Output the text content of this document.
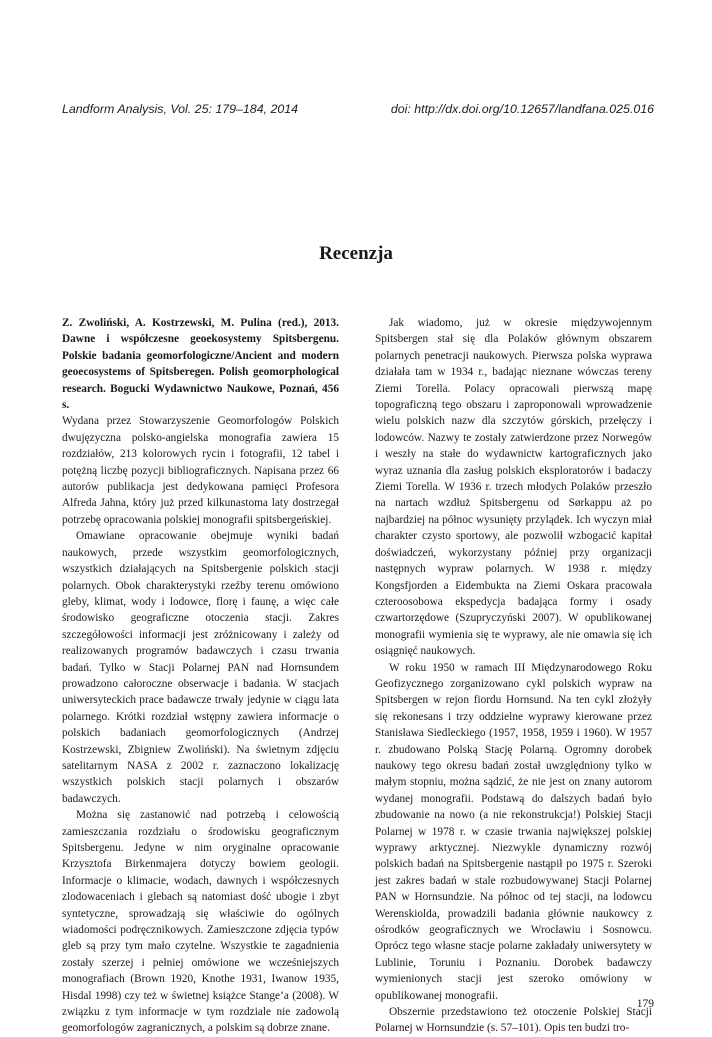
Landform Analysis, Vol. 25: 179–184, 2014	doi: http://dx.doi.org/10.12657/landfana.025.016
Recenzja

Z. Zwoliński, A. Kostrzewski, M. Pulina (red.), 2013. Dawne i współczesne geoekosystemy Spitsbergenu. Polskie badania geomorfologiczne/Ancient and modern geoecosystems of Spitsberegen. Polish geomorphological research. Bogucki Wydawnictwo Naukowe, Poznań, 456 s.

Wydana przez Stowarzyszenie Geomorfologów Polskich dwujęzyczna polsko-angielska monografia zawiera 15 rozdziałów, 213 kolorowych rycin i fotografii, 12 tabel i potężną liczbę pozycji bibliograficznych. Napisana przez 66 autorów publikacja jest dedykowana pamięci Profesora Alfreda Jahna, który już przed kilkunastoma laty dostrzegał potrzebę opracowania polskiej monografii spitsbergeńskiej.

Omawiane opracowanie obejmuje wyniki badań naukowych, przede wszystkim geomorfologicznych, wszystkich działających na Spitsbergenie polskich stacji polarnych. Obok charakterystyki rzeźby terenu omówiono gleby, klimat, wody i lodowce, florę i faunę, a więc całe środowisko geograficzne otoczenia stacji. Zakres szczegółowości informacji jest zróżnicowany i zależy od realizowanych programów badawczych i czasu trwania badań. Tylko w Stacji Polarnej PAN nad Hornsundem prowadzono całoroczne obserwacje i badania. W stacjach uniwersyteckich prace badawcze trwały jedynie w ciągu lata polarnego. Krótki rozdział wstępny zawiera informacje o polskich badaniach geomorfologicznych (Andrzej Kostrzewski, Zbigniew Zwoliński). Na świetnym zdjęciu satelitarnym NASA z 2002 r. zaznaczono lokalizację wszystkich polskich stacji polarnych i obszarów badawczych.

Można się zastanowić nad potrzebą i celowością zamieszczania rozdziału o środowisku geograficznym Spitsbergenu. Jedyne w nim oryginalne opracowanie Krzysztofa Birkenmajera dotyczy bowiem geologii. Informacje o klimacie, wodach, dawnych i współczesnych zlodowaceniach i glebach są natomiast dość ubogie i zbyt syntetyczne, sprowadzają się właściwie do ogólnych wiadomości podręcznikowych. Zamieszczone zdjęcia typów gleb są przy tym mało czytelne. Wszystkie te zagadnienia zostały szerzej i pełniej omówione we wcześniejszych monografiach (Brown 1920, Knothe 1931, Iwanow 1935, Hisdal 1998) czy też w świetnej książce Stange’a (2008). W związku z tym informacje w tym rozdziale nie zadowolą geomorfologów zagranicznych, a polskim są dobrze znane.

Jak wiadomo, już w okresie międzywojennym Spitsbergen stał się dla Polaków głównym obszarem polarnych penetracji naukowych. Pierwsza polska wyprawa działała tam w 1934 r., badając nieznane wówczas tereny Ziemi Torella. Polacy opracowali pierwszą mapę topograficzną tego obszaru i zaproponowali wprowadzenie wielu polskich nazw dla szczytów górskich, przełęczy i lodowców. Nazwy te zostały zatwierdzone przez Norwegów i weszły na stałe do wydawnictw kartograficznych jako wyraz uznania dla zasług polskich eksploratorów i badaczy Ziemi Torella. W 1936 r. trzech młodych Polaków przeszło na nartach wzdłuż Spitsbergenu od Sørkappu aż po najbardziej na północ wysunięty przylądek. Ich wyczyn miał charakter czysto sportowy, ale pozwolił wzbogacić kapitał doświadczeń, wykorzystany później przy organizacji następnych wypraw polarnych. W 1938 r. między Kongsfjorden a Eidembukta na Ziemi Oskara pracowała czteroosobowa ekspedycja badająca formy i osady czwartorzędowe (Szupryczyński 2007). W opublikowanej monografii wymienia się te wyprawy, ale nie omawia się ich osiągnięć naukowych.

W roku 1950 w ramach III Międzynarodowego Roku Geofizycznego zorganizowano cykl polskich wypraw na Spitsbergen w rejon fiordu Hornsund. Na ten cykl złożyły się rekonesans i trzy oddzielne wyprawy kierowane przez Stanisława Siedleckiego (1957, 1958, 1959 i 1960). W 1957 r. zbudowano Polską Stację Polarną. Ogromny dorobek naukowy tego okresu badań został uwzględniony tylko w małym stopniu, można sądzić, że nie jest on znany autorom wydanej monografii. Podstawą do dalszych badań było zbudowanie na nowo (a nie rekonstrukcja!) Polskiej Stacji Polarnej w 1978 r. w czasie trwania największej polskiej wyprawy arktycznej. Niezwykle dynamiczny rozwój polskich badań na Spitsbergenie nastąpił po 1975 r. Szeroki jest zakres badań w stale rozbudowywanej Stacji Polarnej PAN w Hornsundzie. Na północ od tej stacji, na lodowcu Werenskiolda, prowadzili badania głównie naukowcy z ośrodków geograficznych we Wrocławiu i Sosnowcu. Oprócz tego własne stacje polarne zakładały uniwersytety w Lublinie, Toruniu i Poznaniu. Dorobek badawczy wymienionych stacji jest szeroko omówiony w opublikowanej monografii.

Obszernie przedstawiono też otoczenie Polskiej Stacji Polarnej w Hornsundzie (s. 57–101). Opis ten budzi tro-

179
